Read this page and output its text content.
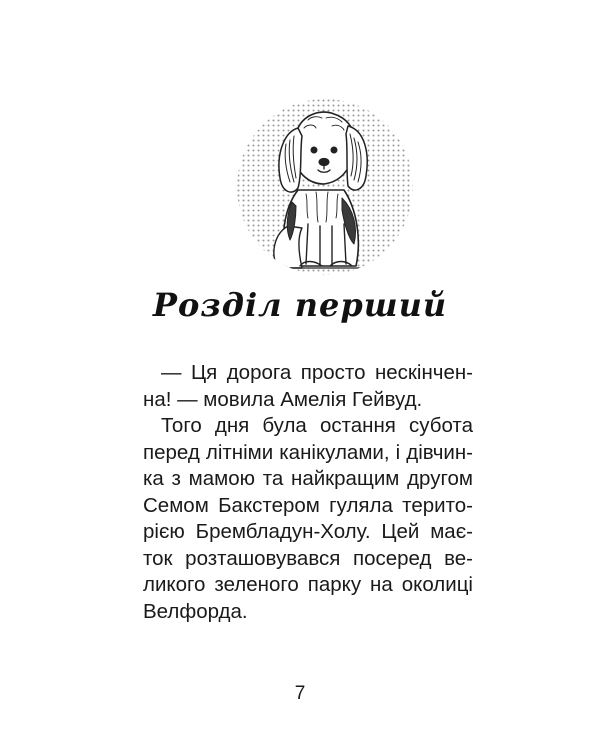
Розділ перший
— Ця дорога просто нескінчен-
на! — мовила Амелія Гейвуд.
Того дня була остання субота
перед літніми канікулами, і дівчин-
ка з мамою та найкращим другом
Семом Бакстером гуляла терито-
рією Брембладун-Холу. Цей має-
ток розташовувався посеред ве-
ликого зеленого парку на околиці
Велфорда.
7
